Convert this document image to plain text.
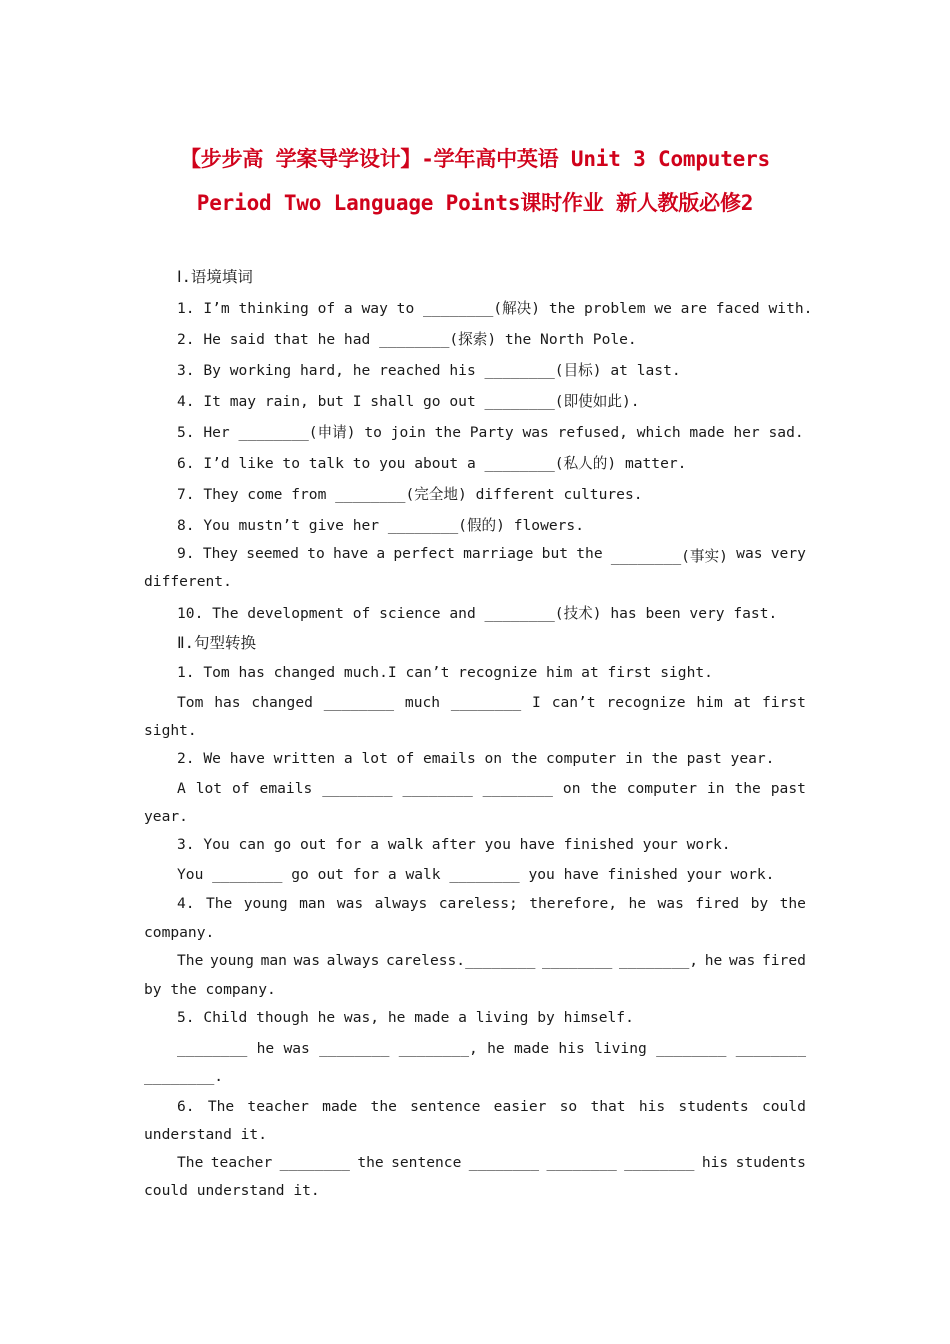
【步步高 学案导学设计】-学年高中英语 Unit 3 Computers
Period Two Language Points课时作业 新人教版必修2
Ⅰ.语境填词
1. I’m thinking of a way to ________(解决) the problem we are faced with.
2. He said that he had ________(探索) the North Pole.
3. By working hard, he reached his ________(目标) at last.
4. It may rain, but I shall go out ________(即使如此).
5. Her ________(申请) to join the Party was refused, which made her sad.
6. I’d like to talk to you about a ________(私人的) matter.
7. They come from ________(完全地) different cultures.
8. You mustn’t give her ________(假的) flowers.
9. They seemed to have a perfect marriage but the ________(事实) was very
different.
10. The development of science and ________(技术) has been very fast.
Ⅱ.句型转换
1. Tom has changed much.I can’t recognize him at first sight.
Tom has changed ________ much ________ I can’t recognize him at first
sight.
2. We have written a lot of emails on the computer in the past year.
A lot of emails ________ ________ ________ on the computer in the past
year.
3. You can go out for a walk after you have finished your work.
You ________ go out for a walk ________ you have finished your work.
4. The young man was always careless; therefore, he was fired by the
company.
The young man was always careless.________ ________ ________, he was fired
by the company.
5. Child though he was, he made a living by himself.
________ he was ________ ________, he made his living ________ ________
________.
6. The teacher made the sentence easier so that his students could
understand it.
The teacher ________ the sentence ________ ________ ________ his students
could understand it.
